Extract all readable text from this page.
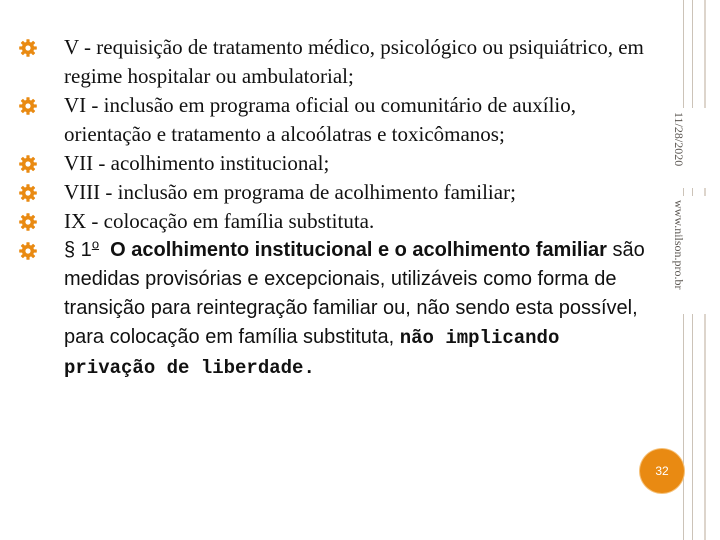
11/28/2020
www.nilson.pro.br
V - requisição de tratamento médico, psicológico ou psiquiátrico, em regime hospitalar ou ambulatorial;
VI - inclusão em programa oficial ou comunitário de auxílio, orientação e tratamento a alcoólatras e toxicômanos;
VII - acolhimento institucional;
VIII - inclusão em programa de acolhimento familiar;
IX - colocação em família substituta.
§ 1$^o$ O acolhimento institucional e o acolhimento familiar são medidas provisórias e excepcionais, utilizáveis como forma de transição para reintegração familiar ou, não sendo esta possível, para colocação em família substituta, não implicando privação de liberdade.
32
